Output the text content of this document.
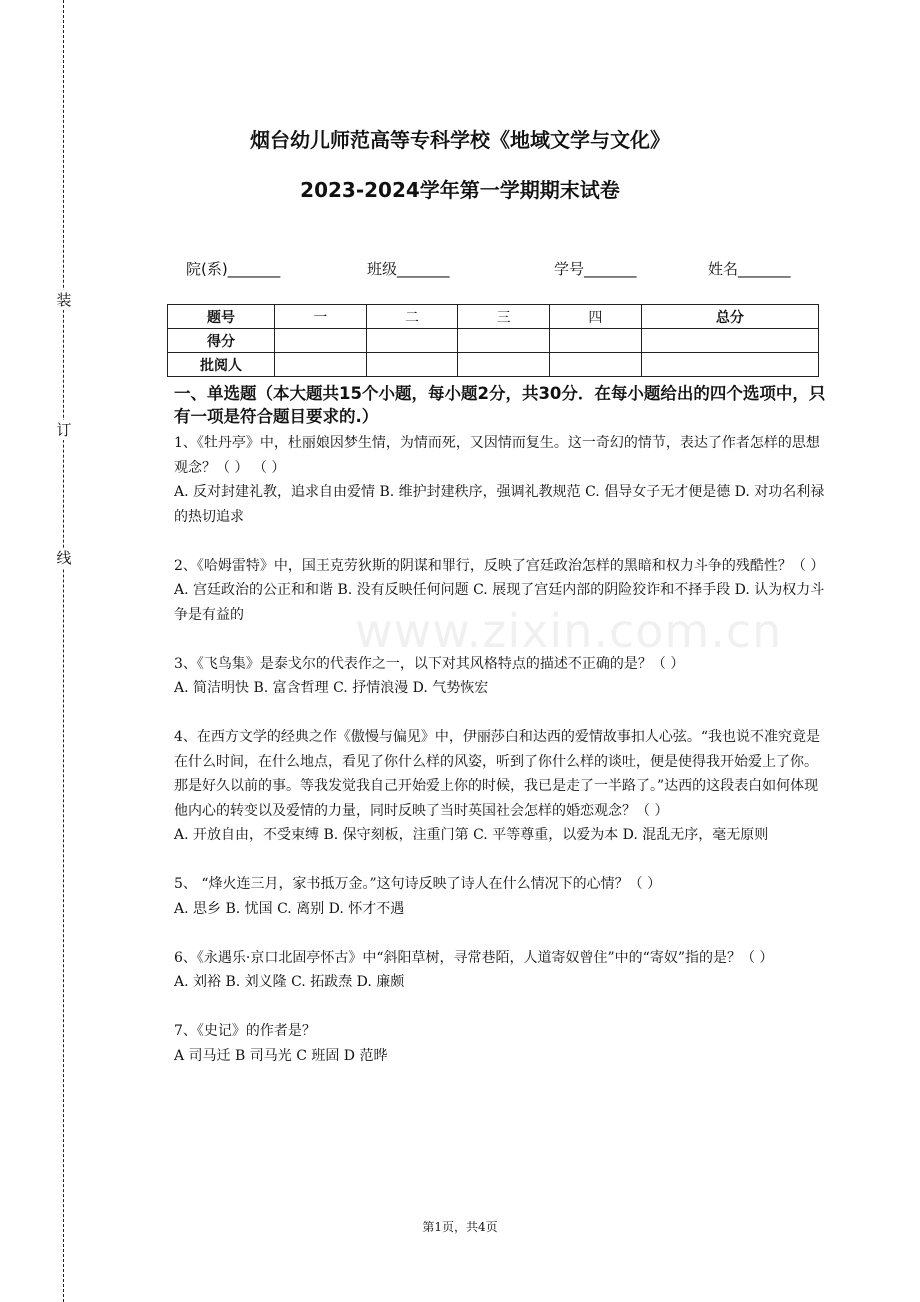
装
订
线
烟台幼儿师范高等专科学校《地域文学与文化》
2023-2024学年第一学期期末试卷
院(系)_______	班级_______	学号_______	姓名_______
题号	一	二	三	四	总分
得分					
批阅人					
一、单选题（本大题共15个小题，每小题2分，共30分．在每小题给出的四个选项中，只有一项是符合题目要求的.）

1、《牡丹亭》中，杜丽娘因梦生情，为情而死，又因情而复生。这一奇幻的情节，表达了作者怎样的思想观念？（ ） （ ）

A. 反对封建礼教，追求自由爱情 B. 维护封建秩序，强调礼教规范 C. 倡导女子无才便是德 D. 对功名利禄的热切追求

2、《哈姆雷特》中，国王克劳狄斯的阴谋和罪行，反映了宫廷政治怎样的黑暗和权力斗争的残酷性？（ ）

A. 宫廷政治的公正和和谐 B. 没有反映任何问题 C. 展现了宫廷内部的阴险狡诈和不择手段 D. 认为权力斗争是有益的

3、《飞鸟集》是泰戈尔的代表作之一，以下对其风格特点的描述不正确的是？（ ）

A. 简洁明快 B. 富含哲理 C. 抒情浪漫 D. 气势恢宏

4、在西方文学的经典之作《傲慢与偏见》中，伊丽莎白和达西的爱情故事扣人心弦。“我也说不准究竟是在什么时间，在什么地点，看见了你什么样的风姿，听到了你什么样的谈吐，便是使得我开始爱上了你。那是好久以前的事。等我发觉我自己开始爱上你的时候，我已是走了一半路了。”达西的这段表白如何体现他内心的转变以及爱情的力量，同时反映了当时英国社会怎样的婚恋观念？（ ）

A. 开放自由，不受束缚 B. 保守刻板，注重门第 C. 平等尊重，以爱为本 D. 混乱无序，毫无原则

5、 “烽火连三月，家书抵万金。”这句诗反映了诗人在什么情况下的心情？（ ）

A. 思乡 B. 忧国 C. 离别 D. 怀才不遇

6、《永遇乐·京口北固亭怀古》中“斜阳草树，寻常巷陌，人道寄奴曾住”中的“寄奴”指的是？（ ）

A. 刘裕 B. 刘义隆 C. 拓跋焘 D. 廉颇

7、《史记》的作者是？

A 司马迁 B 司马光 C 班固 D 范晔

www.zixin.com.cn
第1页，共4页
